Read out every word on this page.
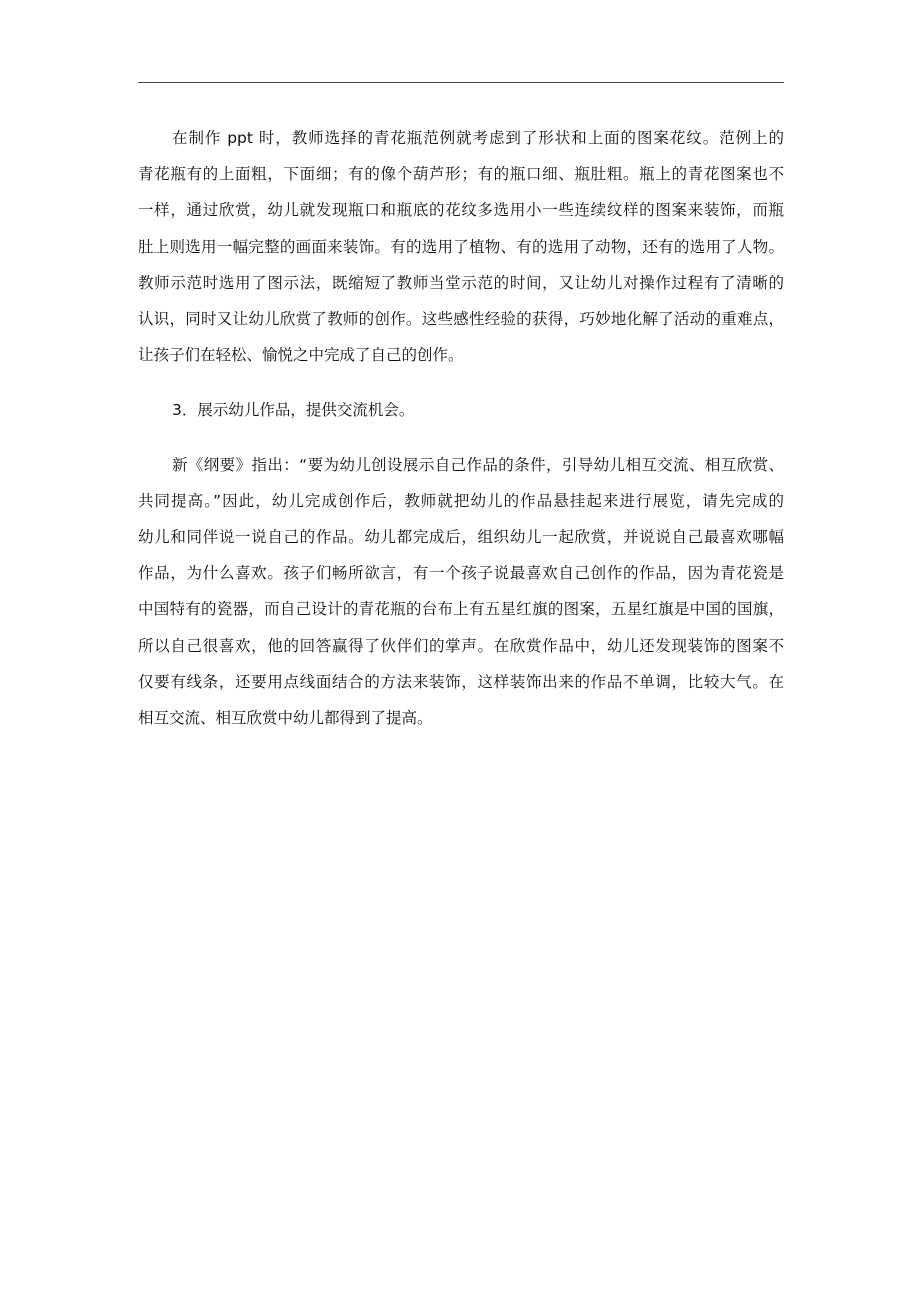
在制作 ppt 时，教师选择的青花瓶范例就考虑到了形状和上面的图案花纹。范例上的
青花瓶有的上面粗，下面细；有的像个葫芦形；有的瓶口细、瓶肚粗。瓶上的青花图案也不
一样，通过欣赏，幼儿就发现瓶口和瓶底的花纹多选用小一些连续纹样的图案来装饰，而瓶
肚上则选用一幅完整的画面来装饰。有的选用了植物、有的选用了动物，还有的选用了人物。
教师示范时选用了图示法，既缩短了教师当堂示范的时间，又让幼儿对操作过程有了清晰的
认识，同时又让幼儿欣赏了教师的创作。这些感性经验的获得，巧妙地化解了活动的重难点，
让孩子们在轻松、愉悦之中完成了自己的创作。
3．展示幼儿作品，提供交流机会。
新《纲要》指出：“要为幼儿创设展示自己作品的条件，引导幼儿相互交流、相互欣赏、
共同提高。”因此，幼儿完成创作后，教师就把幼儿的作品悬挂起来进行展览，请先完成的
幼儿和同伴说一说自己的作品。幼儿都完成后，组织幼儿一起欣赏，并说说自己最喜欢哪幅
作品，为什么喜欢。孩子们畅所欲言，有一个孩子说最喜欢自己创作的作品，因为青花瓷是
中国特有的瓷器，而自己设计的青花瓶的台布上有五星红旗的图案，五星红旗是中国的国旗，
所以自己很喜欢，他的回答赢得了伙伴们的掌声。在欣赏作品中，幼儿还发现装饰的图案不
仅要有线条，还要用点线面结合的方法来装饰，这样装饰出来的作品不单调，比较大气。在
相互交流、相互欣赏中幼儿都得到了提高。
